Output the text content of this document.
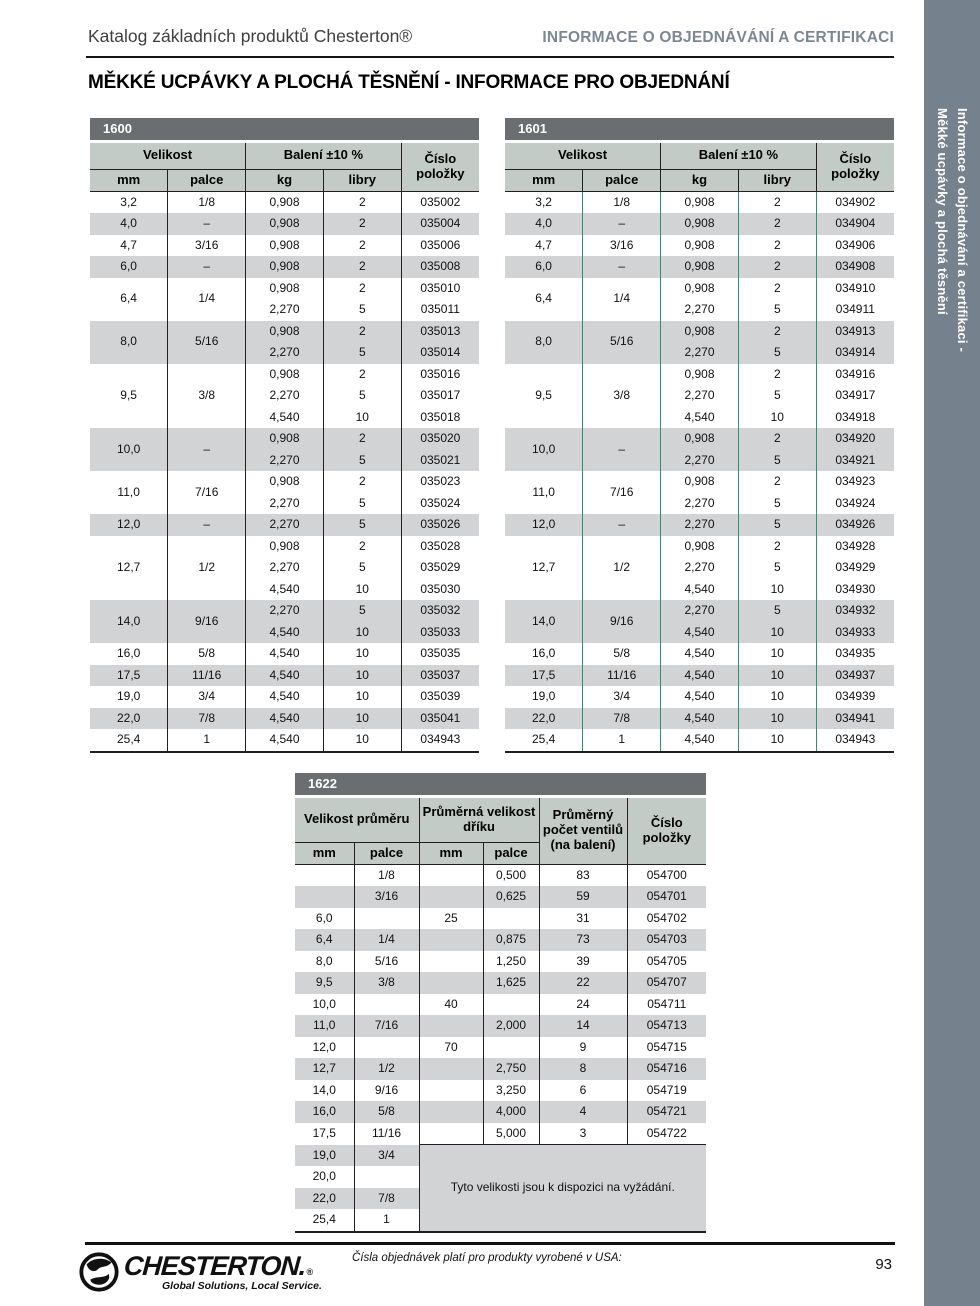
Informace o objednávání a certifikaci -
Měkké ucpávky a plochá těsnění
Katalog základních produktů Chesterton®	INFORMACE O OBJEDNÁVÁNÍ A CERTIFIKACI
MĚKKÉ UCPÁVKY A PLOCHÁ TĚSNĚNÍ - INFORMACE PRO OBJEDNÁNÍ
1600
Velikost		Balení ±10 %		Číslo položky
mm	palce	kg	libry	
3,2	1/8	0,908	2	035002
4,0	–	0,908	2	035004
4,7	3/16	0,908	2	035006
6,0	–	0,908	2	035008
6,4	1/4	0,908	2	035010
		2,270	5	035011
8,0	5/16	0,908	2	035013
		2,270	5	035014
9,5	3/8	0,908	2	035016
		2,270	5	035017
		4,540	10	035018
10,0	–	0,908	2	035020
		2,270	5	035021
11,0	7/16	0,908	2	035023
		2,270	5	035024
12,0	–	2,270	5	035026
12,7	1/2	0,908	2	035028
		2,270	5	035029
		4,540	10	035030
14,0	9/16	2,270	5	035032
		4,540	10	035033
16,0	5/8	4,540	10	035035
17,5	11/16	4,540	10	035037
19,0	3/4	4,540	10	035039
22,0	7/8	4,540	10	035041
25,4	1	4,540	10	034943
1601
Velikost		Balení ±10 %		Číslo položky
mm	palce	kg	libry	
3,2	1/8	0,908	2	034902
4,0	–	0,908	2	034904
4,7	3/16	0,908	2	034906
6,0	–	0,908	2	034908
6,4	1/4	0,908	2	034910
		2,270	5	034911
8,0	5/16	0,908	2	034913
		2,270	5	034914
9,5	3/8	0,908	2	034916
		2,270	5	034917
		4,540	10	034918
10,0	–	0,908	2	034920
		2,270	5	034921
11,0	7/16	0,908	2	034923
		2,270	5	034924
12,0	–	2,270	5	034926
12,7	1/2	0,908	2	034928
		2,270	5	034929
		4,540	10	034930
14,0	9/16	2,270	5	034932
		4,540	10	034933
16,0	5/8	4,540	10	034935
17,5	11/16	4,540	10	034937
19,0	3/4	4,540	10	034939
22,0	7/8	4,540	10	034941
25,4	1	4,540	10	034943
1622
Velikost průměru		Průměrná velikost dříku		Průměrný počet ventilů (na balení)	Číslo položky
mm	palce	mm	palce		
	1/8		0,500	83	054700
	3/16		0,625	59	054701
6,0		25		31	054702
6,4	1/4		0,875	73	054703
8,0	5/16		1,250	39	054705
9,5	3/8		1,625	22	054707
10,0		40		24	054711
11,0	7/16		2,000	14	054713
12,0		70		9	054715
12,7	1/2		2,750	8	054716
14,0	9/16		3,250	6	054719
16,0	5/8		4,000	4	054721
17,5	11/16		5,000	3	054722
19,0	3/4	Tyto velikosti jsou k dispozici na vyžádání.			
20,0					
22,0	7/8				
25,4	1				
CHESTERTON. ®
Global Solutions, Local Service.
Čísla objednávek platí pro produkty vyrobené v USA:	93
